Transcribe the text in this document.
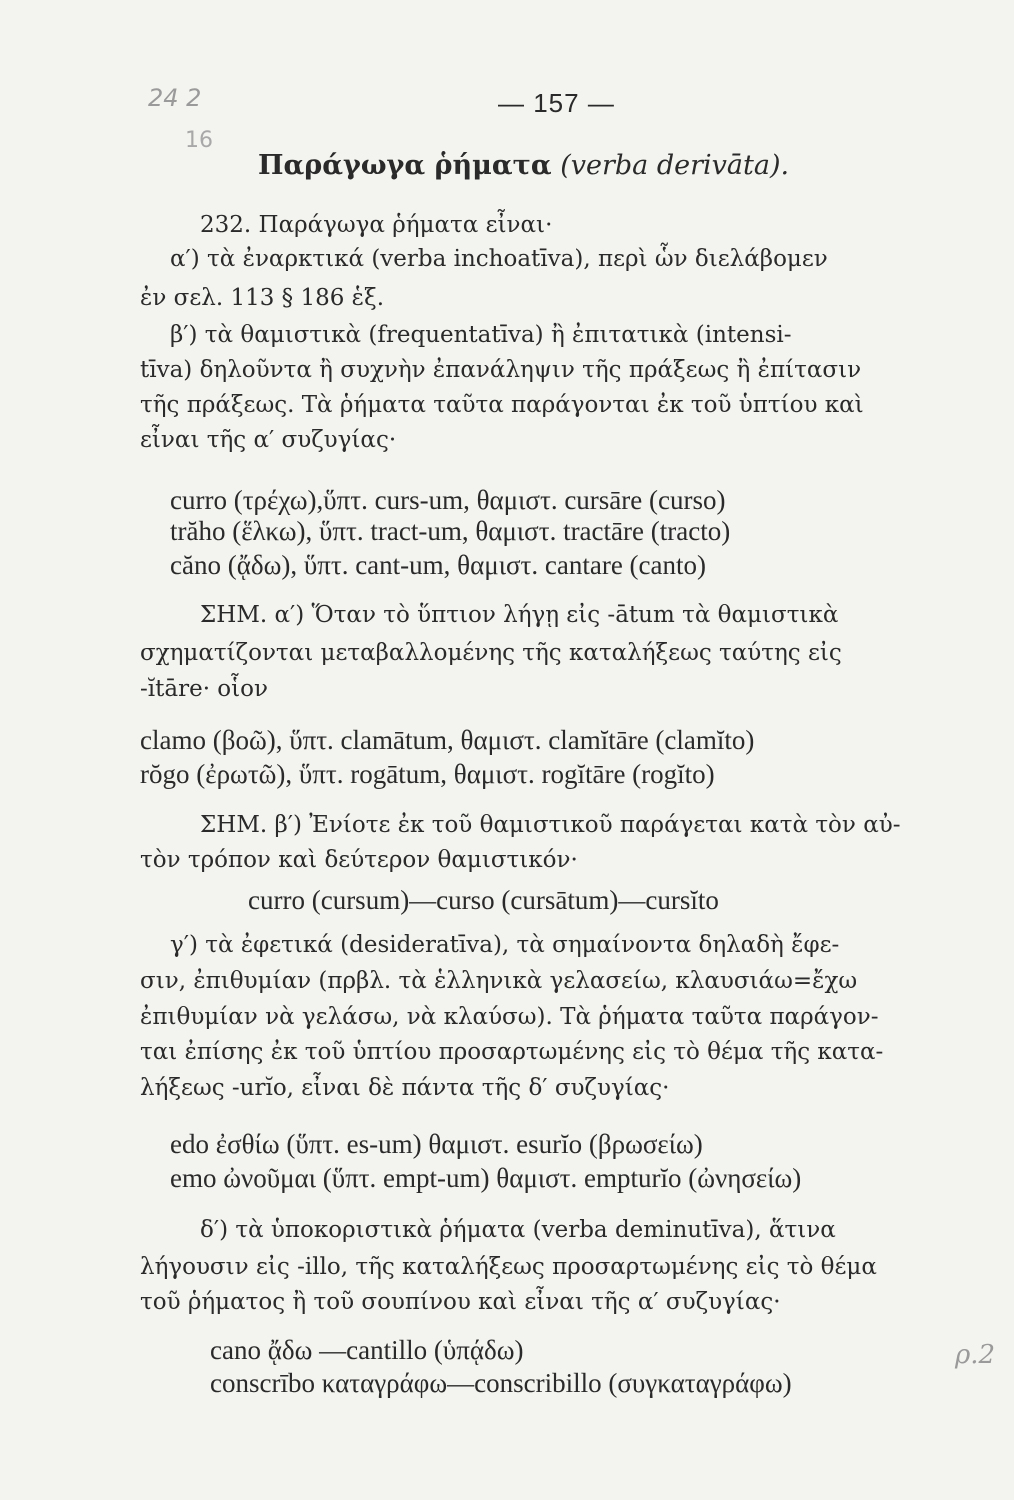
24 2
16
— 157 —
Παράγωγα ῥήματα (verba derivāta).
232. Παράγωγα ῥήματα εἶναι·
α′) τὰ ἐναρκτικά (verba inchoatīva), περὶ ὧν διελάβομεν
ἐν σελ. 113 § 186 ἑξ.
β′) τὰ θαμιστικὰ (frequentatīva) ἢ ἐπιτατικὰ (intensi-
tīva) δηλοῦντα ἢ συχνὴν ἐπανάληψιν τῆς πράξεως ἢ ἐπίτασιν
τῆς πράξεως. Τὰ ῥήματα ταῦτα παράγονται ἐκ τοῦ ὑπτίου καὶ
εἶναι τῆς α′ συζυγίας·
curro (τρέχω),ὕπτ. curs-um, θαμιστ. cursāre (curso)
trăho (ἕλκω), ὕπτ. tract-um, θαμιστ. tractāre (tracto)
căno (ᾄδω), ὕπτ. cant-um, θαμιστ. cantare (canto)
ΣΗΜ. α′) Ὅταν τὸ ὕπτιον λήγῃ εἰς -ātum τὰ θαμιστικὰ
σχηματίζονται μεταβαλλομένης τῆς καταλήξεως ταύτης εἰς
-ĭtāre· οἷον
clamo (βοῶ), ὕπτ. clamātum, θαμιστ. clamĭtāre (clamĭto)
rŏgo (ἐρωτῶ), ὕπτ. rogātum, θαμιστ. rogĭtāre (rogĭto)
ΣΗΜ. β′) Ἐνίοτε ἐκ τοῦ θαμιστικοῦ παράγεται κατὰ τὸν αὐ-
τὸν τρόπον καὶ δεύτερον θαμιστικόν·
curro (cursum)—curso (cursātum)—cursĭto
γ′) τὰ ἐφετικά (desideratīva), τὰ σημαίνοντα δηλαδὴ ἔφε-
σιν, ἐπιθυμίαν (πρβλ. τὰ ἑλληνικὰ γελασείω, κλαυσιάω=ἔχω
ἐπιθυμίαν νὰ γελάσω, νὰ κλαύσω). Τὰ ῥήματα ταῦτα παράγον-
ται ἐπίσης ἐκ τοῦ ὑπτίου προσαρτωμένης εἰς τὸ θέμα τῆς κατα-
λήξεως -urĭo, εἶναι δὲ πάντα τῆς δ′ συζυγίας·
edo ἐσθίω (ὕπτ. es-um) θαμιστ. esurĭo (βρωσείω)
emo ὠνοῦμαι (ὕπτ. empt-um) θαμιστ. empturĭo (ὠνησείω)
δ′) τὰ ὑποκοριστικὰ ῥήματα (verba deminutīva), ἅτινα
λήγουσιν εἰς -illo, τῆς καταλήξεως προσαρτωμένης εἰς τὸ θέμα
τοῦ ῥήματος ἢ τοῦ σουπίνου καὶ εἶναι τῆς α′ συζυγίας·
cano ᾄδω —cantillo (ὑπᾴδω)
conscrībo καταγράφω—conscribillo (συγκαταγράφω)
ρ.2
